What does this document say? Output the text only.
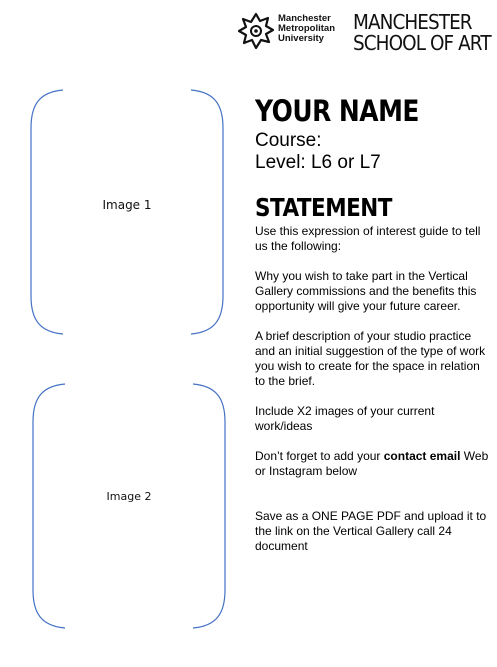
Manchester
Metropolitan
University
MANCHESTER
SCHOOL OF ART
Image 1
Image 2
YOUR NAME
Course:
Level: L6 or L7
STATEMENT
Use this expression of interest guide to tell us the following:
Why you wish to take part in the Vertical Gallery commissions and the benefits this opportunity will give your future career.
A brief description of your studio practice and an initial suggestion of the type of work you wish to create for the space in relation to the brief.
Include X2 images of your current work/ideas
Don’t forget to add your contact email Web or Instagram below
Save as a ONE PAGE PDF and upload it to the link on the Vertical Gallery call 24 document
